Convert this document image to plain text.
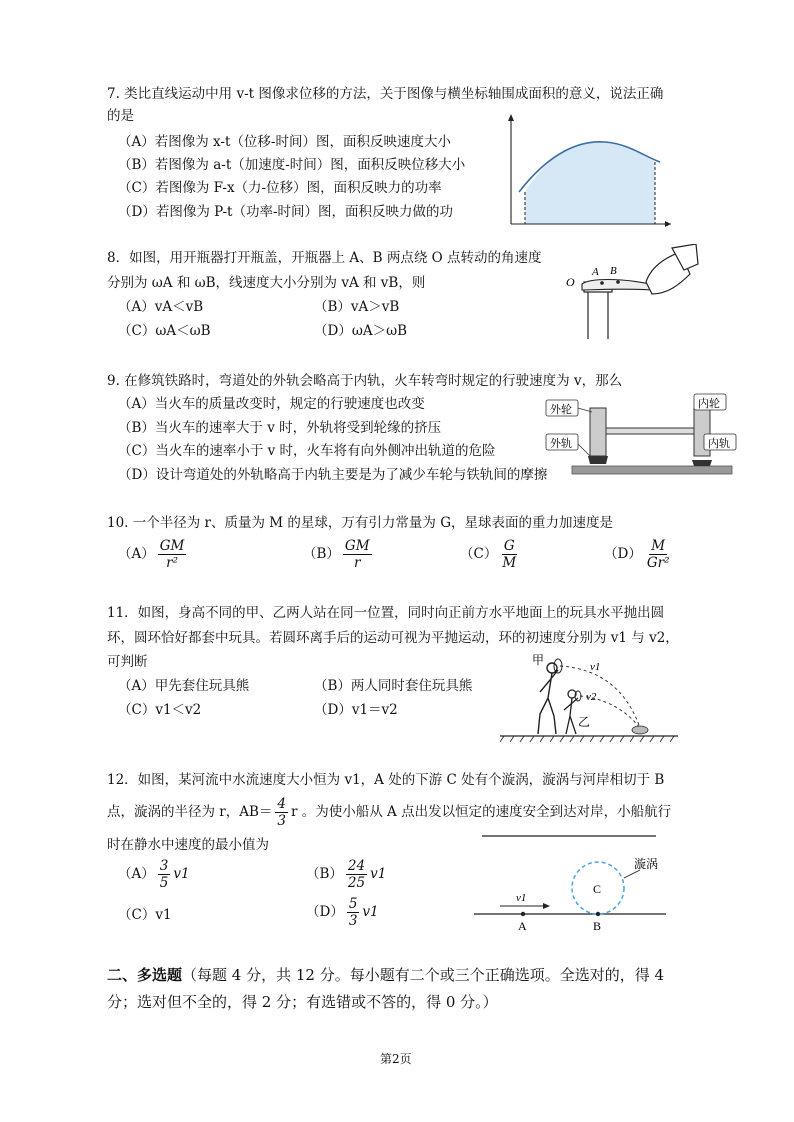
7. 类比直线运动中用 v-t 图像求位移的方法，关于图像与横坐标轴围成面积的意义，说法正确
的是
（A）若图像为 x-t（位移-时间）图，面积反映速度大小
（B）若图像为 a-t（加速度-时间）图，面积反映位移大小
（C）若图像为 F-x（力-位移）图，面积反映力的功率
（D）若图像为 P-t（功率-时间）图，面积反映力做的功
8．如图，用开瓶器打开瓶盖，开瓶器上 A、B 两点绕 O 点转动的角速度
分别为 ωA 和 ωB，线速度大小分别为 vA 和 vB，则
（A）vA＜vB	（B）vA＞vB
（C）ωA＜ωB	（D）ωA＞ωB
O
A B
9. 在修筑铁路时，弯道处的外轨会略高于内轨，火车转弯时规定的行驶速度为 v，那么
（A）当火车的质量改变时，规定的行驶速度也改变
（B）当火车的速率大于 v 时，外轨将受到轮缘的挤压
（C）当火车的速率小于 v 时，火车将有向外侧冲出轨道的危险
（D）设计弯道处的外轨略高于内轨主要是为了减少车轮与铁轨间的摩擦
外轮	内轮
外轨	内轨
10. 一个半径为 r、质量为 M 的星球，万有引力常量为 G，星球表面的重力加速度是
$(A) \frac{GM}{\text{r²}}$	$(B) \frac{GM}{r}$	$(C) \frac{G}{M}$	$(D) \frac{M}{\text{Gr²}}$
11．如图，身高不同的甲、乙两人站在同一位置，同时向正前方水平地面上的玩具水平抛出圆
环，圆环恰好都套中玩具。若圆环离手后的运动可视为平抛运动，环的初速度分别为 v1 与 v2，
可判断
（A）甲先套住玩具熊	（B）两人同时套住玩具熊
（C）v1＜v2	（D）v1＝v2
甲
乙
v1
v2
12．如图，某河流中水流速度大小恒为 v1，A 处的下游 C 处有个漩涡，漩涡与河岸相切于 B
点，漩涡的半径为 r，$AB= \frac{4}{3}$ r 。为使小船从 A 点出发以恒定的速度安全到达对岸，小船航行
时在静水中速度的最小值为
$(A) \frac{3}{5} v1$	$(B) \frac{24}{25} v1$
（C）v1	$(D) \frac{5}{3} v1$
漩涡
C
A	B
v1
二、多选题（每题 4 分，共 12 分。每小题有二个或三个正确选项。全选对的，得 4
分；选对但不全的，得 2 分；有选错或不答的，得 0 分。）
第2页
